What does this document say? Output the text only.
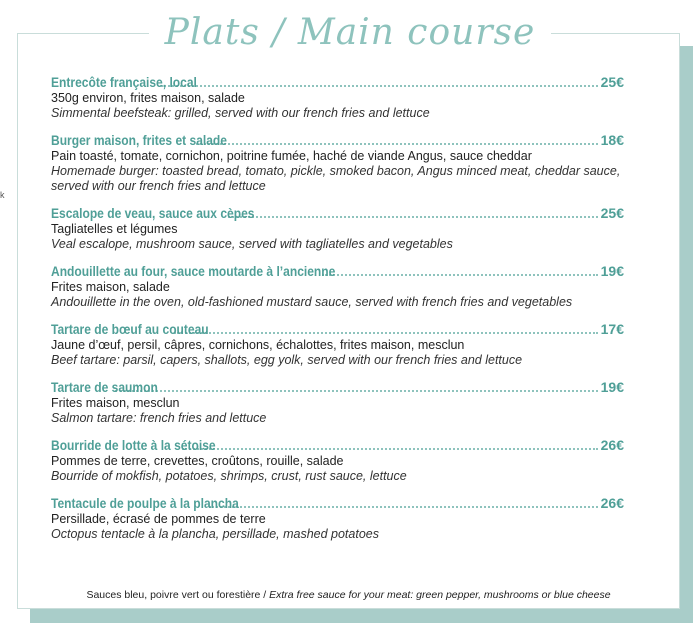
Plats / Main course
k
Entrecôte française, local	25€
350g environ, frites maison, salade
Simmental beefsteak: grilled, served with our french fries and lettuce
Burger maison, frites et salade	18€
Pain toasté, tomate, cornichon, poitrine fumée, haché de viande Angus, sauce cheddar
Homemade burger: toasted bread, tomato, pickle, smoked bacon, Angus minced meat, cheddar sauce, served with our french fries and lettuce
Escalope de veau, sauce aux cèpes	25€
Tagliatelles et légumes
Veal escalope, mushroom sauce, served with tagliatelles and vegetables
Andouillette au four, sauce moutarde à l’ancienne	19€
Frites maison, salade
Andouillette in the oven, old-fashioned mustard sauce, served with french fries and vegetables
Tartare de bœuf au couteau	17€
Jaune d’œuf, persil, câpres, cornichons, échalottes, frites maison, mesclun
Beef tartare: parsil, capers, shallots, egg yolk, served with our french fries and lettuce
Tartare de saumon	19€
Frites maison, mesclun
Salmon tartare: french fries and lettuce
Bourride de lotte à la sétoise	26€
Pommes de terre, crevettes, croûtons, rouille, salade
Bourride of mokfish, potatoes, shrimps, crust, rust sauce, lettuce
Tentacule de poulpe à la plancha	26€
Persillade, écrasé de pommes de terre
Octopus tentacle à la plancha, persillade, mashed potatoes
Sauces bleu, poivre vert ou forestière / Extra free sauce for your meat: green pepper, mushrooms or blue cheese
